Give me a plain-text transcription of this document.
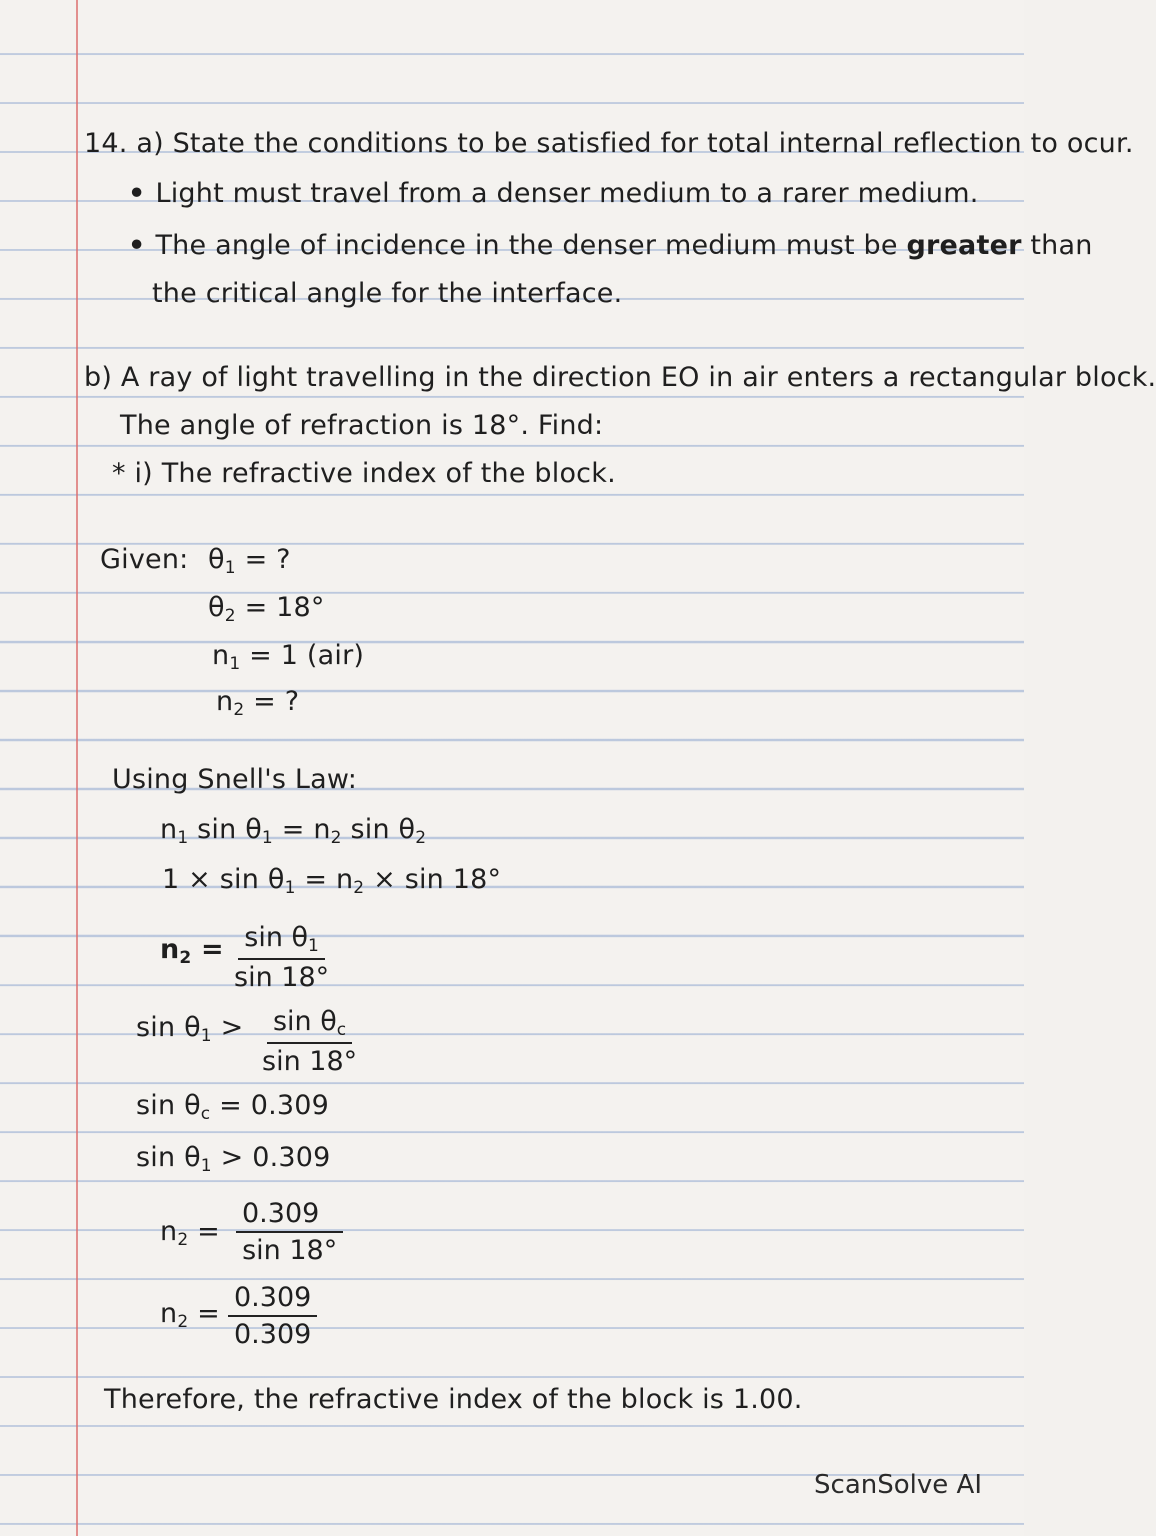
14. a) State the conditions to be satisfied for total internal reflection to ocur.
• Light must travel from a denser medium to a rarer medium.
• The angle of incidence in the denser medium must be greater than
the critical angle for the interface.
b) A ray of light travelling in the direction EO in air enters a rectangular block.
The angle of refraction is 18°. Find:
* i) The refractive index of the block.
Given: $\theta_1$ = ?
$\theta_2 = 18^\circ$
$n_1 = 1$ (air)
$n_2$ = ?
Using Snell's Law:
$n_1$ $\sin \theta_1 = n_2$ $\sin \theta_2$
$1 \times \sin \theta_1 = n_2 \times \sin 18^\circ$
$n_2 = \frac{\sin \theta_1}{\sin 18^\circ}$
$\sin \theta_1 > \frac{\sin \theta_c}{\sin 18^\circ}$
$\sin \theta_c = 0.309$
$\sin \theta_1 > 0.309$
$n_2 = \frac{0.309}{\sin 18^\circ}$
$n_2 = \frac{0.309}{0.309}$
Therefore, the refractive index of the block is 1.00.
ScanSolve AI
